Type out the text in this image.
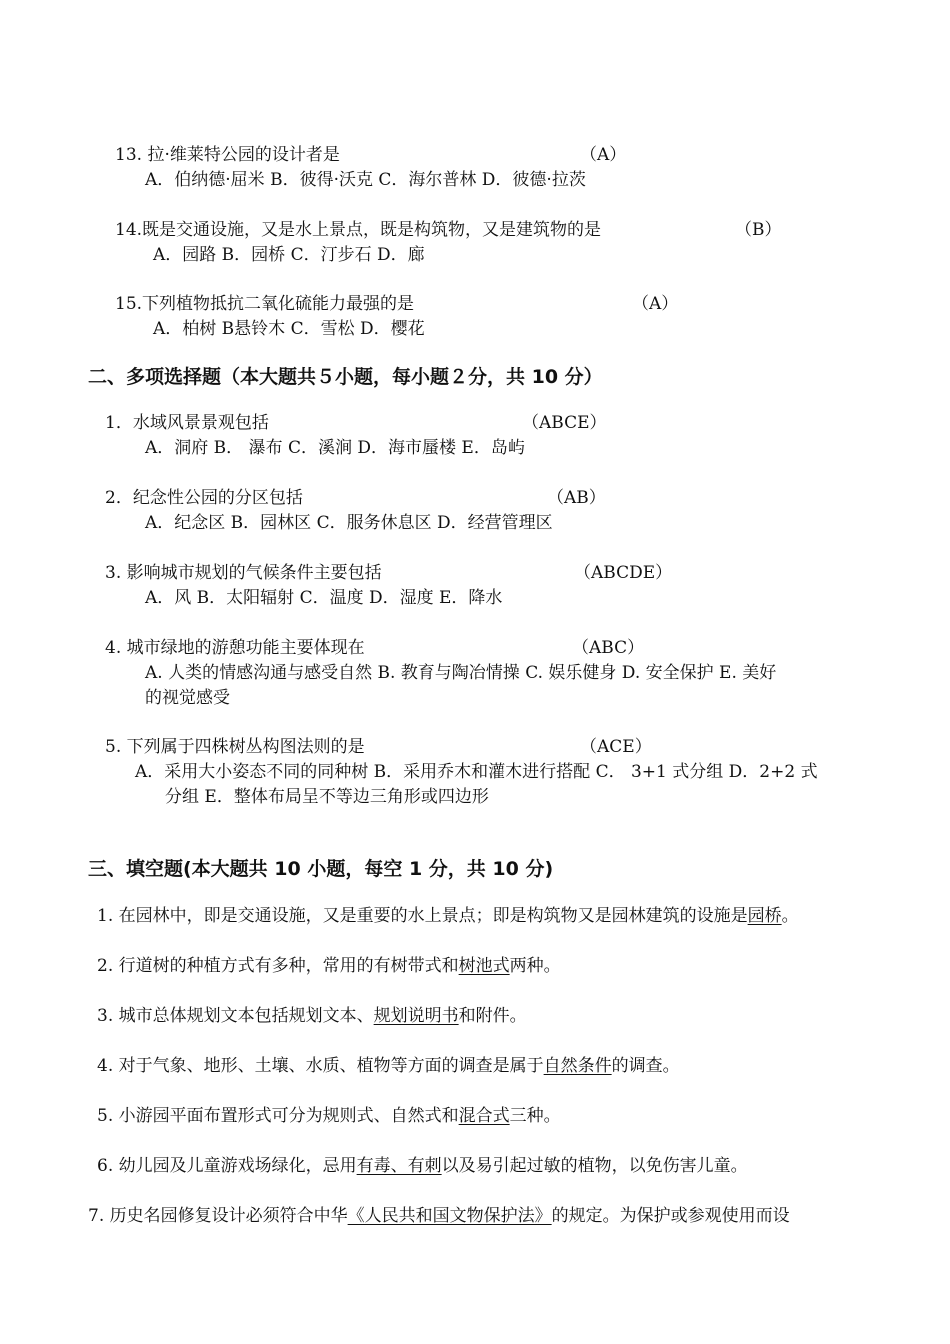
13. 拉·维莱特公园的设计者是	（A）
A．伯纳德·屈米 B．彼得·沃克 C．海尔普林 D．彼德·拉茨
14.既是交通设施，又是水上景点，既是构筑物，又是建筑物的是	（B）
A．园路 B．园桥 C．汀步石 D．廊
15.下列植物抵抗二氧化硫能力最强的是	（A）
A．柏树 B悬铃木 C．雪松 D．樱花
二、多项选择题（本大题共５小题，每小题２分，共 10 分）
1．水域风景景观包括	（ABCE）
A．洞府 B． 瀑布 C．溪涧 D．海市蜃楼 E．岛屿
2．纪念性公园的分区包括	（AB）
A．纪念区 B．园林区 C．服务休息区 D．经营管理区
3. 影响城市规划的气候条件主要包括	（ABCDE）
A．风 B．太阳辐射 C．温度 D．湿度 E．降水
4. 城市绿地的游憩功能主要体现在	（ABC）
A. 人类的情感沟通与感受自然 B. 教育与陶冶情操 C. 娱乐健身 D. 安全保护 E. 美好
的视觉感受
5. 下列属于四株树丛构图法则的是	（ACE）
A．采用大小姿态不同的同种树 B．采用乔木和灌木进行搭配 C． 3+1 式分组 D．2+2 式
分组 E．整体布局呈不等边三角形或四边形
三、填空题(本大题共 10 小题，每空 1 分，共 10 分)
1. 在园林中，即是交通设施，又是重要的水上景点；即是构筑物又是园林建筑的设施是园桥。
2. 行道树的种植方式有多种，常用的有树带式和树池式两种。
3. 城市总体规划文本包括规划文本、规划说明书和附件。
4. 对于气象、地形、土壤、水质、植物等方面的调查是属于自然条件的调查。
5. 小游园平面布置形式可分为规则式、自然式和混合式三种。
6. 幼儿园及儿童游戏场绿化，忌用有毒、有刺以及易引起过敏的植物，以免伤害儿童。
7. 历史名园修复设计必须符合中华《人民共和国文物保护法》的规定。为保护或参观使用而设
